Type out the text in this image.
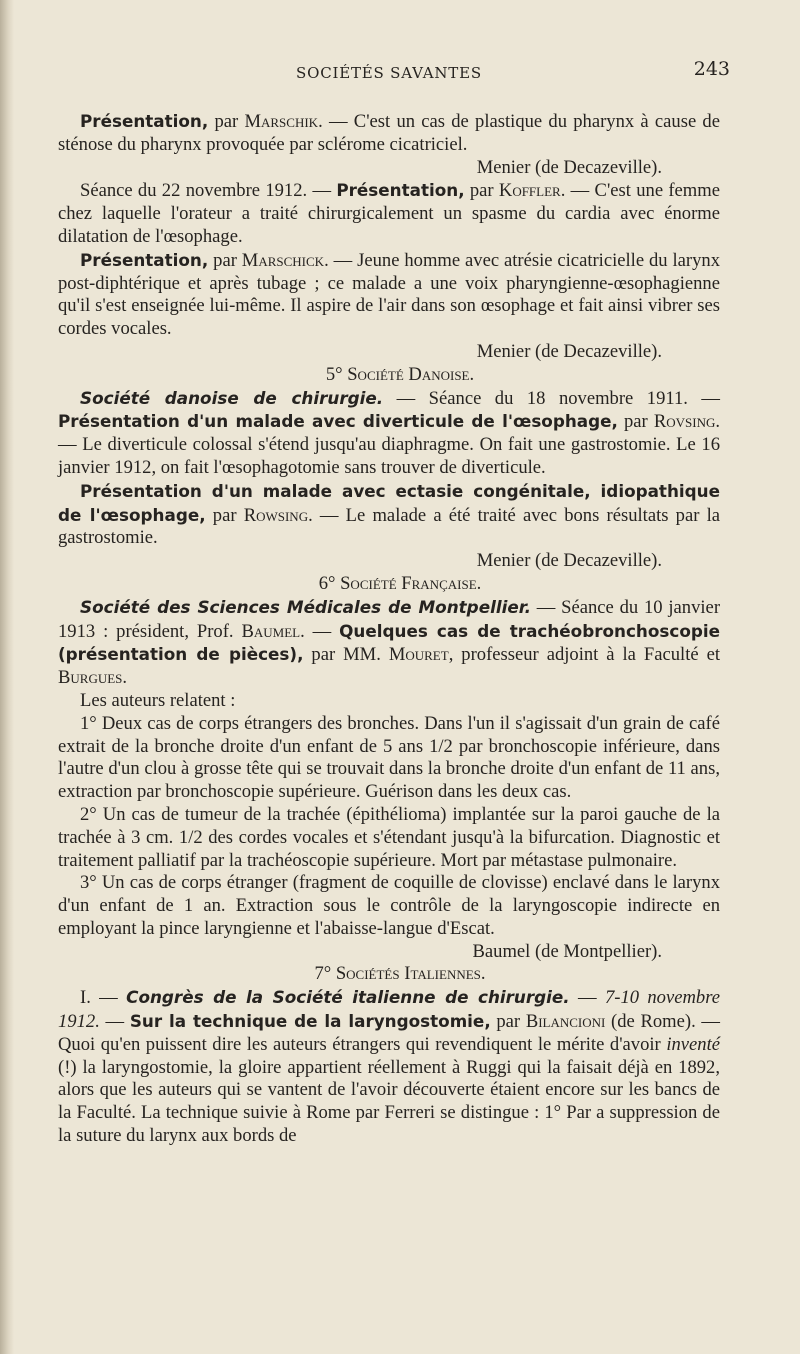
SOCIÉTÉS SAVANTES	243

Présentation, par Marschik. — C'est un cas de plastique du pharynx à cause de sténose du pharynx provoquée par sclérome cicatriciel.
Menier (de Decazeville).

Séance du 22 novembre 1912. — Présentation, par Koffler. — C'est une femme chez laquelle l'orateur a traité chirurgicalement un spasme du cardia avec énorme dilatation de l'œsophage.

Présentation, par Marschick. — Jeune homme avec atrésie cicatricielle du larynx post-diphtérique et après tubage ; ce malade a une voix pharyngienne-œsophagienne qu'il s'est enseignée lui-même. Il aspire de l'air dans son œsophage et fait ainsi vibrer ses cordes vocales.
Menier (de Decazeville).

5° Société Danoise.

Société danoise de chirurgie. — Séance du 18 novembre 1911. — Présentation d'un malade avec diverticule de l'œsophage, par Rovsing. — Le diverticule colossal s'étend jusqu'au diaphragme. On fait une gastrostomie. Le 16 janvier 1912, on fait l'œsophagotomie sans trouver de diverticule.

Présentation d'un malade avec ectasie congénitale, idiopathique de l'œsophage, par Rowsing. — Le malade a été traité avec bons résultats par la gastrostomie.
Menier (de Decazeville).

6° Société Française.

Société des Sciences Médicales de Montpellier. — Séance du 10 janvier 1913 : président, Prof. Baumel. — Quelques cas de trachéobronchoscopie (présentation de pièces), par MM. Mouret, professeur adjoint à la Faculté et Burgues.

Les auteurs relatent :

1° Deux cas de corps étrangers des bronches. Dans l'un il s'agissait d'un grain de café extrait de la bronche droite d'un enfant de 5 ans 1/2 par bronchoscopie inférieure, dans l'autre d'un clou à grosse tête qui se trouvait dans la bronche droite d'un enfant de 11 ans, extraction par bronchoscopie supérieure. Guérison dans les deux cas.

2° Un cas de tumeur de la trachée (épithélioma) implantée sur la paroi gauche de la trachée à 3 cm. 1/2 des cordes vocales et s'étendant jusqu'à la bifurcation. Diagnostic et traitement palliatif par la trachéoscopie supérieure. Mort par métastase pulmonaire.

3° Un cas de corps étranger (fragment de coquille de clovisse) enclavé dans le larynx d'un enfant de 1 an. Extraction sous le contrôle de la laryngoscopie indirecte en employant la pince laryngienne et l'abaisse-langue d'Escat.
Baumel (de Montpellier).

7° Sociétés Italiennes.

I. — Congrès de la Société italienne de chirurgie. — 7-10 novembre 1912. — Sur la technique de la laryngostomie, par Bilancioni (de Rome). — Quoi qu'en puissent dire les auteurs étrangers qui revendiquent le mérite d'avoir inventé (!) la laryngostomie, la gloire appartient réellement à Ruggi qui la faisait déjà en 1892, alors que les auteurs qui se vantent de l'avoir découverte étaient encore sur les bancs de la Faculté. La technique suivie à Rome par Ferreri se distingue : 1° Par a suppression de la suture du larynx aux bords de
